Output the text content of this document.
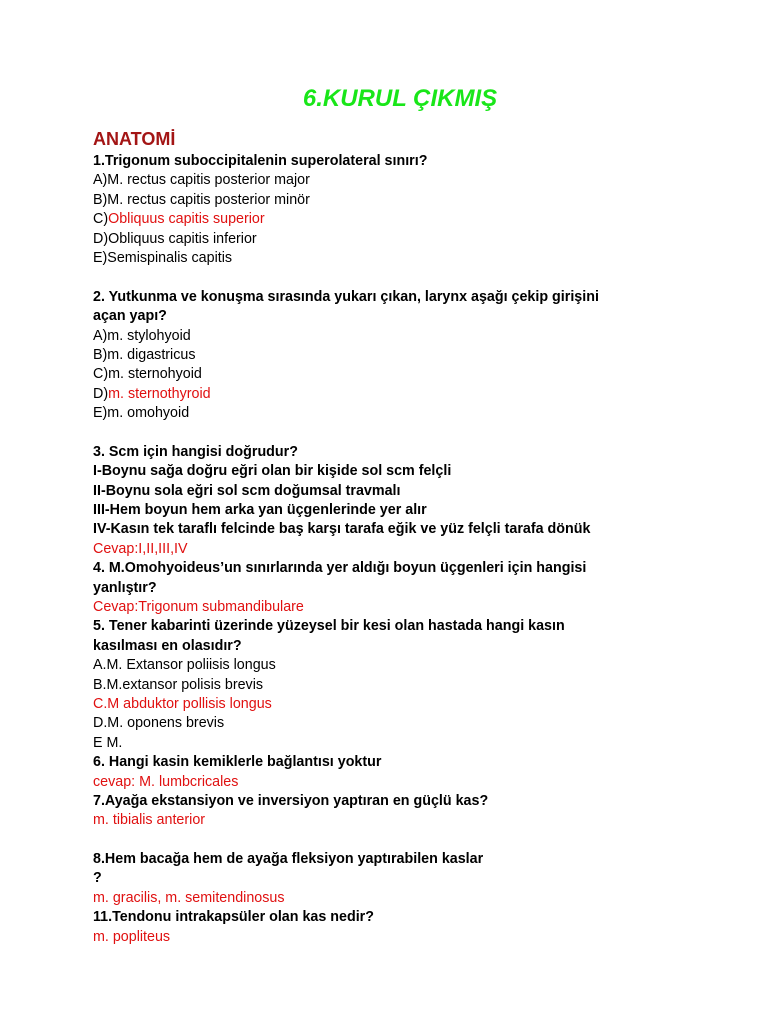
6.KURUL ÇIKMIŞ
ANATOMİ
1.Trigonum suboccipitalenin superolateral sınırı?
A)M. rectus capitis posterior major
B)M. rectus capitis posterior minör
C)Obliquus capitis superior
D)Obliquus capitis inferior
E)Semispinalis capitis
2. Yutkunma ve konuşma sırasında yukarı çıkan, larynx aşağı çekip girişini
açan yapı?
A)m. stylohyoid
B)m. digastricus
C)m. sternohyoid
D)m. sternothyroid
E)m. omohyoid
3. Scm için hangisi doğrudur?
I-Boynu sağa doğru eğri olan bir kişide sol scm felçli
II-Boynu sola eğri sol scm doğumsal travmalı
III-Hem boyun hem arka yan üçgenlerinde yer alır
IV-Kasın tek taraflı felcinde baş karşı tarafa eğik ve yüz felçli tarafa dönük
Cevap:I,II,III,IV
4. M.Omohyoideus’un sınırlarında yer aldığı boyun üçgenleri için hangisi
yanlıştır?
Cevap:Trigonum submandibulare
5. Tener kabarinti üzerinde yüzeysel bir kesi olan hastada hangi kasın
kasılması en olasıdır?
A.M. Extansor poliisis longus
B.M.extansor polisis brevis
C.M abduktor pollisis longus
D.M. oponens brevis
E M.
6. Hangi kasin kemiklerle bağlantısı yoktur
cevap: M. lumbcricales
7.Ayağa ekstansiyon ve inversiyon yaptıran en güçlü kas?
m. tibialis anterior
8.Hem bacağa hem de ayağa fleksiyon yaptırabilen kaslar
?
m. gracilis, m. semitendinosus
11.Tendonu intrakapsüler olan kas nedir?
m. popliteus
